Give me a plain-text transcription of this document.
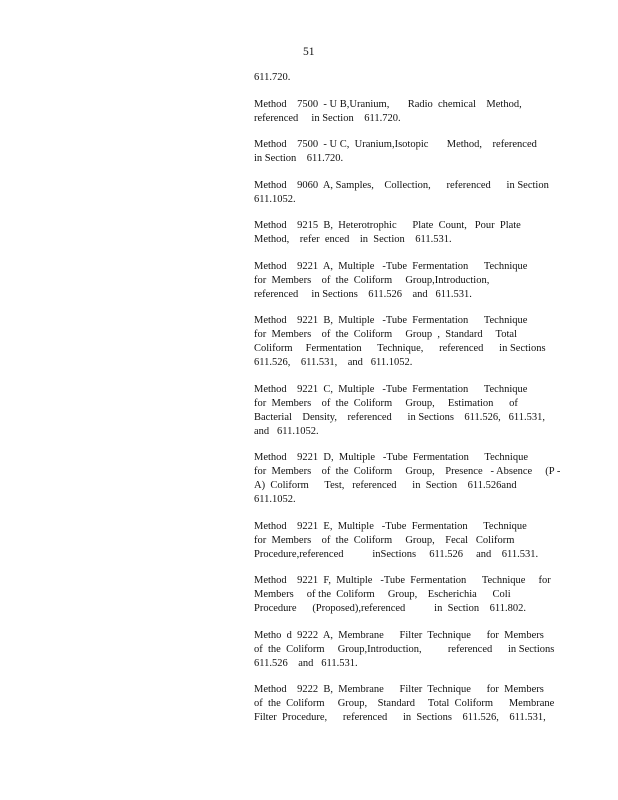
51

611.720.

Method    7500  - U B,Uranium,       Radio  chemical    Method,
referenced     in Section    611.720.

Method    7500  - U C,  Uranium,Isotopic       Method,    referenced
in Section    611.720.

Method    9060  A, Samples,    Collection,      referenced      in Section
611.1052.

Method    9215  B,  Heterotrophic      Plate  Count,   Pour  Plate
Method,    refer  enced    in  Section    611.531.

Method    9221  A,  Multiple   -Tube  Fermentation      Technique
for  Members    of  the  Coliform     Group,Introduction,
referenced     in Sections    611.526    and   611.531.

Method    9221  B,  Multiple   -Tube  Fermentation      Technique
for  Members    of  the  Coliform     Group  ,  Standard     Total
Coliform     Fermentation      Technique,      referenced      in Sections
611.526,    611.531,    and   611.1052.

Method    9221  C,  Multiple   -Tube  Fermentation      Technique
for  Members    of  the  Coliform     Group,     Estimation      of
Bacterial    Density,    referenced      in Sections    611.526,   611.531,
and   611.1052.

Method    9221  D,  Multiple   -Tube  Fermentation      Technique
for  Members    of  the  Coliform     Group,    Presence   - Absence     (P -
A)  Coliform      Test,   referenced      in  Section    611.526and
611.1052.

Method    9221  E,  Multiple   -Tube  Fermentation      Technique
for  Members    of  the  Coliform     Group,    Fecal   Coliform
Procedure,referenced           inSections     611.526     and    611.531.

Method    9221  F,  Multiple   -Tube  Fermentation      Technique     for
Members     of the  Coliform     Group,    Escherichia      Coli
Procedure      (Proposed),referenced           in  Section    611.802.

Metho  d  9222  A,  Membrane      Filter  Technique      for  Members
of  the  Coliform     Group,Introduction,          referenced      in Sections
611.526    and   611.531.

Method    9222  B,  Membrane      Filter  Technique      for  Members
of  the  Coliform     Group,    Standard     Total  Coliform      Membrane
Filter  Procedure,      referenced      in  Sections    611.526,    611.531,
